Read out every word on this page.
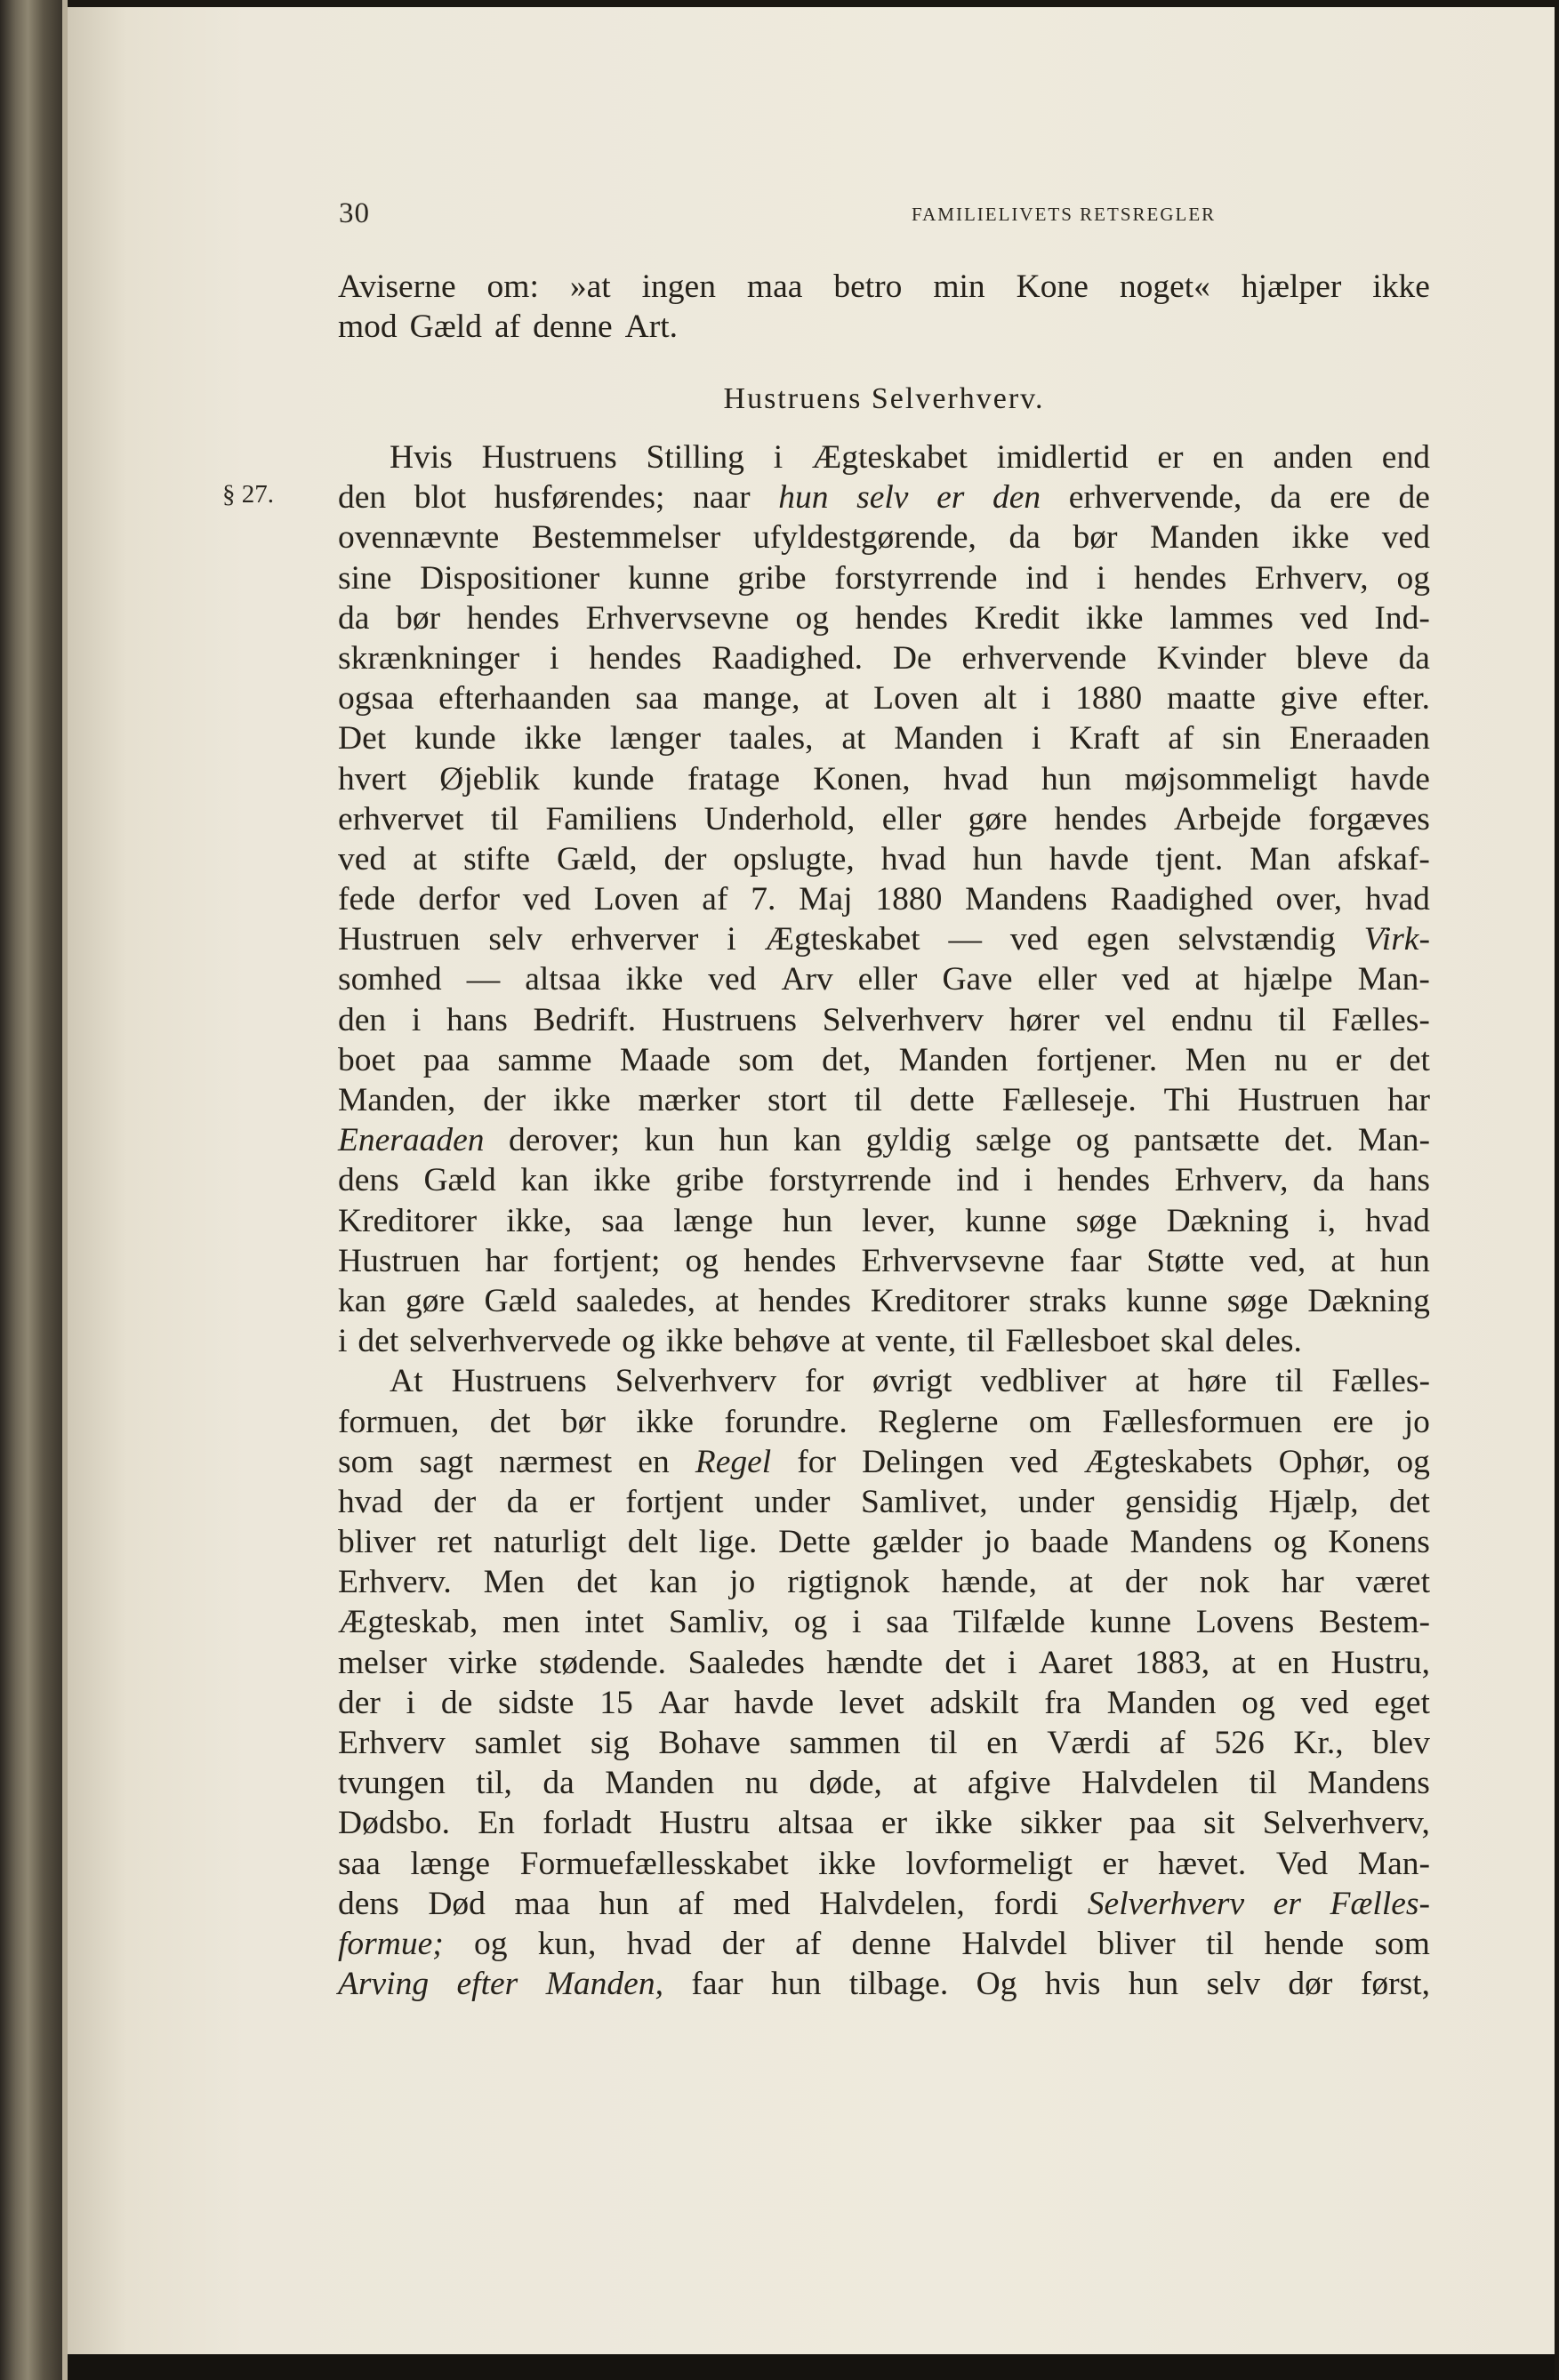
30	FAMILIELIVETS RETSREGLER
Aviserne om: »at ingen maa betro min Kone noget« hjælper ikke
mod Gæld af denne Art.
Hustruens Selverhverv.
§ 27.
Hvis Hustruens Stilling i Ægteskabet imidlertid er en anden end
den blot husførendes; naar hun selv er den erhvervende, da ere de
ovennævnte Bestemmelser ufyldestgørende, da bør Manden ikke ved
sine Dispositioner kunne gribe forstyrrende ind i hendes Erhverv, og
da bør hendes Erhvervsevne og hendes Kredit ikke lammes ved Ind-
skrænkninger i hendes Raadighed. De erhvervende Kvinder bleve da
ogsaa efterhaanden saa mange, at Loven alt i 1880 maatte give efter.
Det kunde ikke længer taales, at Manden i Kraft af sin Eneraaden
hvert Øjeblik kunde fratage Konen, hvad hun møjsommeligt havde
erhvervet til Familiens Underhold, eller gøre hendes Arbejde forgæves
ved at stifte Gæld, der opslugte, hvad hun havde tjent. Man afskaf-
fede derfor ved Loven af 7. Maj 1880 Mandens Raadighed over, hvad
Hustruen selv erhverver i Ægteskabet — ved egen selvstændig Virk-
somhed — altsaa ikke ved Arv eller Gave eller ved at hjælpe Man-
den i hans Bedrift. Hustruens Selverhverv hører vel endnu til Fælles-
boet paa samme Maade som det, Manden fortjener. Men nu er det
Manden, der ikke mærker stort til dette Fælleseje. Thi Hustruen har
Eneraaden derover; kun hun kan gyldig sælge og pantsætte det. Man-
dens Gæld kan ikke gribe forstyrrende ind i hendes Erhverv, da hans
Kreditorer ikke, saa længe hun lever, kunne søge Dækning i, hvad
Hustruen har fortjent; og hendes Erhvervsevne faar Støtte ved, at hun
kan gøre Gæld saaledes, at hendes Kreditorer straks kunne søge Dækning
i det selverhvervede og ikke behøve at vente, til Fællesboet skal deles.
At Hustruens Selverhverv for øvrigt vedbliver at høre til Fælles-
formuen, det bør ikke forundre. Reglerne om Fællesformuen ere jo
som sagt nærmest en Regel for Delingen ved Ægteskabets Ophør, og
hvad der da er fortjent under Samlivet, under gensidig Hjælp, det
bliver ret naturligt delt lige. Dette gælder jo baade Mandens og Konens
Erhverv. Men det kan jo rigtignok hænde, at der nok har været
Ægteskab, men intet Samliv, og i saa Tilfælde kunne Lovens Bestem-
melser virke stødende. Saaledes hændte det i Aaret 1883, at en Hustru,
der i de sidste 15 Aar havde levet adskilt fra Manden og ved eget
Erhverv samlet sig Bohave sammen til en Værdi af 526 Kr., blev
tvungen til, da Manden nu døde, at afgive Halvdelen til Mandens
Dødsbo. En forladt Hustru altsaa er ikke sikker paa sit Selverhverv,
saa længe Formuefællesskabet ikke lovformeligt er hævet. Ved Man-
dens Død maa hun af med Halvdelen, fordi Selverhverv er Fælles-
formue; og kun, hvad der af denne Halvdel bliver til hende som
Arving efter Manden, faar hun tilbage. Og hvis hun selv dør først,
